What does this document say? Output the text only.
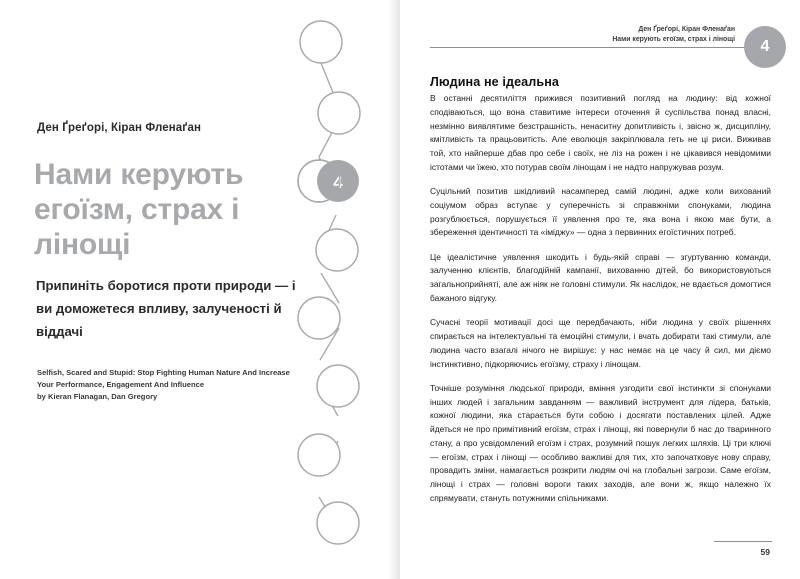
Ден Ґреґорі, Кіран Фленаґан
Нами керують егоїзм, страх і лінощі
Припиніть боротися проти природи — і ви доможетеся впливу, залученості й віддачі
Selfish, Scared and Stupid: Stop Fighting Human Nature And Increase
Your Performance, Engagement And Influence
by Kieran Flanagan, Dan Gregory
4
Ден Ґреґорі, Кіран Фленаґан
Нами керують егоїзм, страх і лінощі
Людина не ідеальна

В останні десятиліття прижився позитивний погляд на людину: від кожної сподіваються, що вона ставитиме інтереси оточення й суспільства понад власні, незмінно виявлятиме безстрашність, ненаситну допитливість і, звісно ж, дисципліну, кмітливість та працьовитість. Але еволюція закріплювала геть не ці риси. Виживав той, хто найперше дбав про себе і своїх, не ліз на рожен і не цікавився невідомими істотами чи їжею, хто потурав своїм лінощам і не надто напружував розум.

Суцільний позитив шкідливий насамперед самій людині, адже коли вихований соціумом образ вступає у суперечність зі справжніми спонуками, людина розгублюється, порушується її уявлення про те, яка вона і якою має бути, а збереження ідентичності та «іміджу» — одна з первинних егоїстичних потреб.

Це ідеалістичне уявлення шкодить і будь-якій справі — згуртуванню команди, залученню клієнтів, благодійній кампанії, вихованню дітей, бо використовуються загальноприйняті, але аж ніяк не головні стимули. Як наслідок, не вдається домогтися бажаного відгуку.

Сучасні теорії мотивації досі ще передбачають, ніби людина у своїх рішеннях спирається на інтелектуальні та емоційні стимули, і вчать добирати такі стимули, але людина часто взагалі нічого не вирішує: у нас немає на це часу й сил, ми діємо інстинктивно, підкоряючись егоїзму, страху і лінощам.

Точніше розуміння людської природи, вміння узгодити свої інстинкти зі спонуками інших людей і загальним завданням — важливий інструмент для лідера, батьків, кожної людини, яка старається бути собою і досягати поставлених цілей. Адже йдеться не про примітивний егоїзм, страх і лінощі, які повернули б нас до тваринного стану, а про усвідомлений егоїзм і страх, розумний пошук легких шляхів. Ці три ключі — егоїзм, страх і лінощі — особливо важливі для тих, хто започатковує нову справу, провадить зміни, намагається розкрити людям очі на глобальні загрози. Саме егоїзм, лінощі і страх — головні вороги таких заходів, але вони ж, якщо належно їх спрямувати, стануть потужними спільниками.

59
4
